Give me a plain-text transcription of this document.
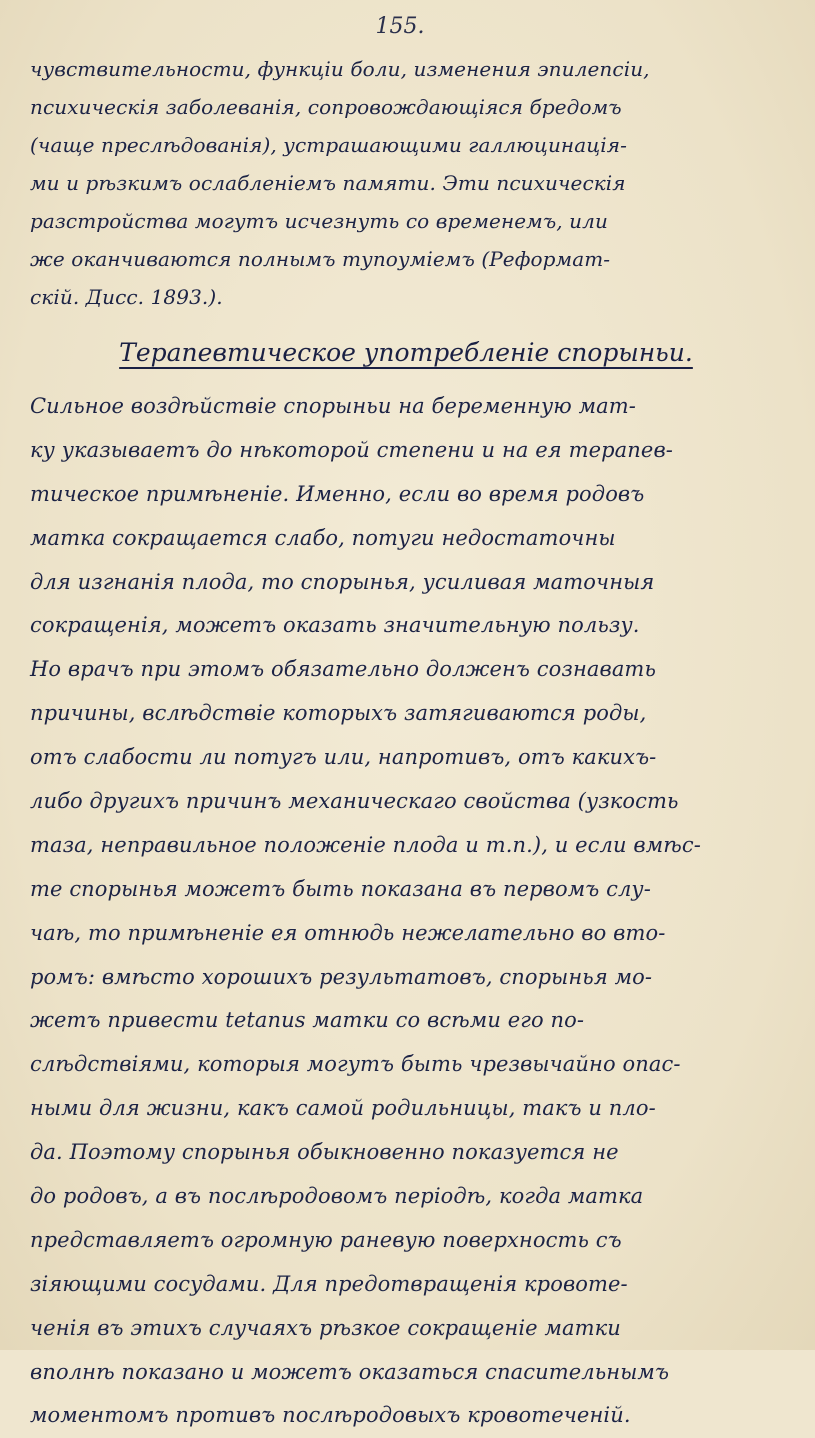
155.
чувствительности, функціи боли, изменения эпилепсіи,
психическія заболеванія, сопровождающіяся бредомъ
(чаще преслѣдованія), устрашающими галлюцинація-
ми и рѣзкимъ ослабленіемъ памяти. Эти психическія
разстройства могутъ исчезнуть со временемъ, или
же оканчиваются полнымъ тупоуміемъ (Реформат-
скій. Дисс. 1893.).
Терапевтическое употребленіе спорыньи.
Сильное воздѣйствіе спорыньи на беременную мат-
ку указываетъ до нѣкоторой степени и на ея терапев-
тическое примѣненіе. Именно, если во время родовъ
матка сокращается слабо, потуги недостаточны
для изгнанія плода, то спорынья, усиливая маточныя
сокращенія, можетъ оказать значительную пользу.
Но врачъ при этомъ обязательно долженъ сознавать
причины, вслѣдствіе которыхъ затягиваются роды,
отъ слабости ли потугъ или, напротивъ, отъ какихъ-
либо другихъ причинъ механическаго свойства (узкость
таза, неправильное положеніе плода и т.п.), и если вмѣс-
те спорынья можетъ быть показана въ первомъ слу-
чаѣ, то примѣненіе ея отнюдь нежелательно во вто-
ромъ: вмѣсто хорошихъ результатовъ, спорынья мо-
жетъ привести tetanus матки со всѣми его по-
слѣдствіями, которыя могутъ быть чрезвычайно опас-
ными для жизни, какъ самой родильницы, такъ и пло-
да. Поэтому спорынья обыкновенно показуется не
до родовъ, а въ послѣродовомъ періодѣ, когда матка
представляетъ огромную раневую поверхность съ
зіяющими сосудами. Для предотвращенія кровоте-
ченія въ этихъ случаяхъ рѣзкое сокращеніе матки
вполнѣ показано и можетъ оказаться спасительнымъ
моментомъ противъ послѣродовыхъ кровотеченій.
